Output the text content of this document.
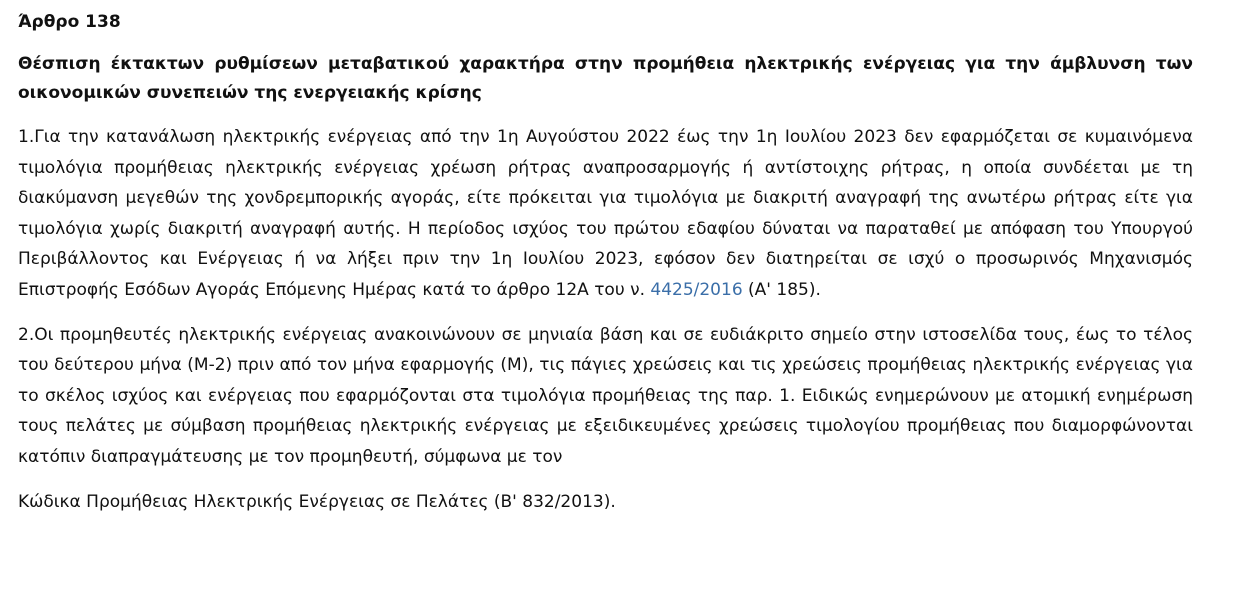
Άρθρο 138
Θέσπιση έκτακτων ρυθμίσεων μεταβατικού χαρακτήρα στην προμήθεια ηλεκτρικής ενέργειας για την άμβλυνση των οικονομικών συνεπειών της ενεργειακής κρίσης

1.Για την κατανάλωση ηλεκτρικής ενέργειας από την 1η Αυγούστου 2022 έως την 1η Ιουλίου 2023 δεν εφαρμόζεται σε κυμαινόμενα τιμολόγια προμήθειας ηλεκτρικής ενέργειας χρέωση ρήτρας αναπροσαρμογής ή αντίστοιχης ρήτρας, η οποία συνδέεται με τη διακύμανση μεγεθών της χονδρεμπορικής αγοράς, είτε πρόκειται για τιμολόγια με διακριτή αναγραφή της ανωτέρω ρήτρας είτε για τιμολόγια χωρίς διακριτή αναγραφή αυτής. Η περίοδος ισχύος του πρώτου εδαφίου δύναται να παραταθεί με απόφαση του Υπουργού Περιβάλλοντος και Ενέργειας ή να λήξει πριν την 1η Ιουλίου 2023, εφόσον δεν διατηρείται σε ισχύ ο προσωρινός Μηχανισμός Επιστροφής Εσόδων Αγοράς Επόμενης Ημέρας κατά το άρθρο 12Α του ν. 4425/2016 (Α' 185).

2.Οι προμηθευτές ηλεκτρικής ενέργειας ανακοινώνουν σε μηνιαία βάση και σε ευδιάκριτο σημείο στην ιστοσελίδα τους, έως το τέλος του δεύτερου μήνα (Μ-2) πριν από τον μήνα εφαρμογής (Μ), τις πάγιες χρεώσεις και τις χρεώσεις προμήθειας ηλεκτρικής ενέργειας για το σκέλος ισχύος και ενέργειας που εφαρμόζονται στα τιμολόγια προμήθειας της παρ. 1. Ειδικώς ενημερώνουν με ατομική ενημέρωση τους πελάτες με σύμβαση προμήθειας ηλεκτρικής ενέργειας με εξειδικευμένες χρεώσεις τιμολογίου προμήθειας που διαμορφώνονται κατόπιν διαπραγμάτευσης με τον προμηθευτή, σύμφωνα με τον

Κώδικα Προμήθειας Ηλεκτρικής Ενέργειας σε Πελάτες (Β' 832/2013).
